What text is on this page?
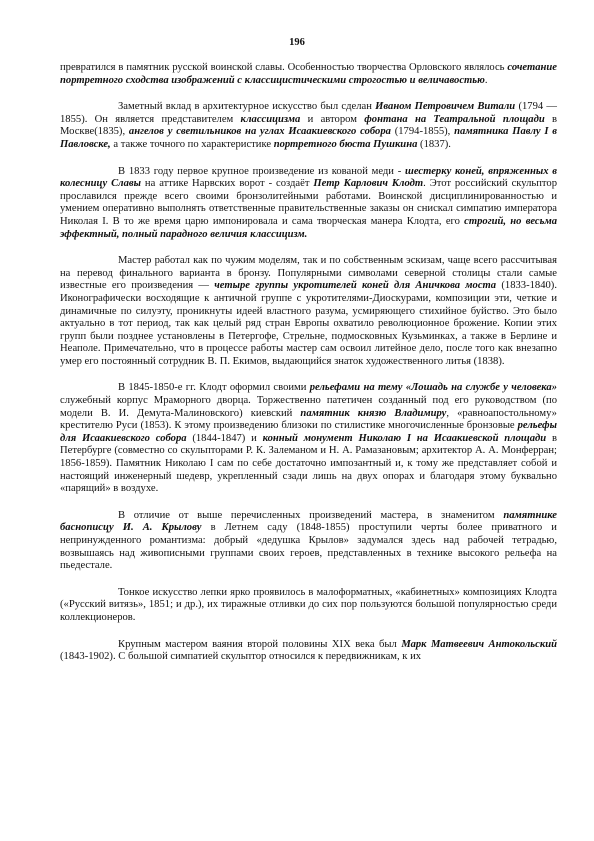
196

превратился в памятник русской воинской славы. Особенностью творчества Орловского являлось сочетание портретного сходства изображений с классицистическими строгостью и величавостью.

Заметный вклад в архитектурное искусство был сделан Иваном Петровичем Витали (1794 — 1855). Он является представителем классицизма и автором фонтана на Театральной площади в Москве(1835), ангелов у светильников на углах Исаакиевского собора (1794-1855), памятника Павлу I в Павловске, а также точного по характеристике портретного бюста Пушкина (1837).

В 1833 году первое крупное произведение из кованой меди - шестерку коней, впряженных в колесницу Славы на аттике Нарвских ворот - создаёт Петр Карлович Клодт. Этот российский скульптор прославился прежде всего своими бронзолитейными работами. Воинской дисциплинированностью и умением оперативно выполнять ответственные правительственные заказы он снискал симпатию императора Николая I. В то же время царю импонировала и сама творческая манера Клодта, его строгий, но весьма эффектный, полный парадного величия классицизм.

Мастер работал как по чужим моделям, так и по собственным эскизам, чаще всего рассчитывая на перевод финального варианта в бронзу. Популярными символами северной столицы стали самые известные его произведения — четыре группы укротителей коней для Аничкова моста (1833-1840). Иконографически восходящие к античной группе с укротителями-Диоскурами, композиции эти, четкие и динамичные по силуэту, проникнуты идеей властного разума, усмиряющего стихийное буйство. Это было актуально в тот период, так как целый ряд стран Европы охватило революционное брожение. Копии этих групп были позднее установлены в Петергофе, Стрельне, подмосковных Кузьминках, а также в Берлине и Неаполе. Примечательно, что в процессе работы мастер сам освоил литейное дело, после того как внезапно умер его постоянный сотрудник В. П. Екимов, выдающийся знаток художественного литья (1838).

В 1845-1850-е гг. Клодт оформил своими рельефами на тему «Лошадь на службе у человека» служебный корпус Мраморного дворца. Торжественно патетичен созданный под его руководством (по модели В. И. Демута-Малиновского) киевский памятник князю Владимиру, «равноапостольному» крестителю Руси (1853). К этому произведению близоки по стилистике многочисленные бронзовые рельефы для Исаакиевского собора (1844-1847) и конный монумент Николаю I на Исаакиевской площади в Петербурге (совместно со скульпторами Р. К. Залеманом и Н. А. Рамазановым; архитектор А. А. Монферран; 1856-1859). Памятник Николаю I сам по себе достаточно импозантный и, к тому же представляет собой и настоящий инженерный шедевр, укрепленный сзади лишь на двух опорах и благодаря этому буквально «парящий» в воздухе.

В отличие от выше перечисленных произведений мастера, в знаменитом памятнике баснописцу И. А. Крылову в Летнем саду (1848-1855) проступили черты более приватного и непринужденного романтизма: добрый «дедушка Крылов» задумался здесь над рабочей тетрадью, возвышаясь над живописными группами своих героев, представленных в технике высокого рельефа на пьедестале.

Тонкое искусство лепки ярко проявилось в малоформатных, «кабинетных» композициях Клодта («Русский витязь», 1851; и др.), их тиражные отливки до сих пор пользуются большой популярностью среди коллекционеров.

Крупным мастером ваяния второй половины XIX века был Марк Матвеевич Антокольский (1843-1902). С большой симпатией скульптор относился к передвижникам, к их
